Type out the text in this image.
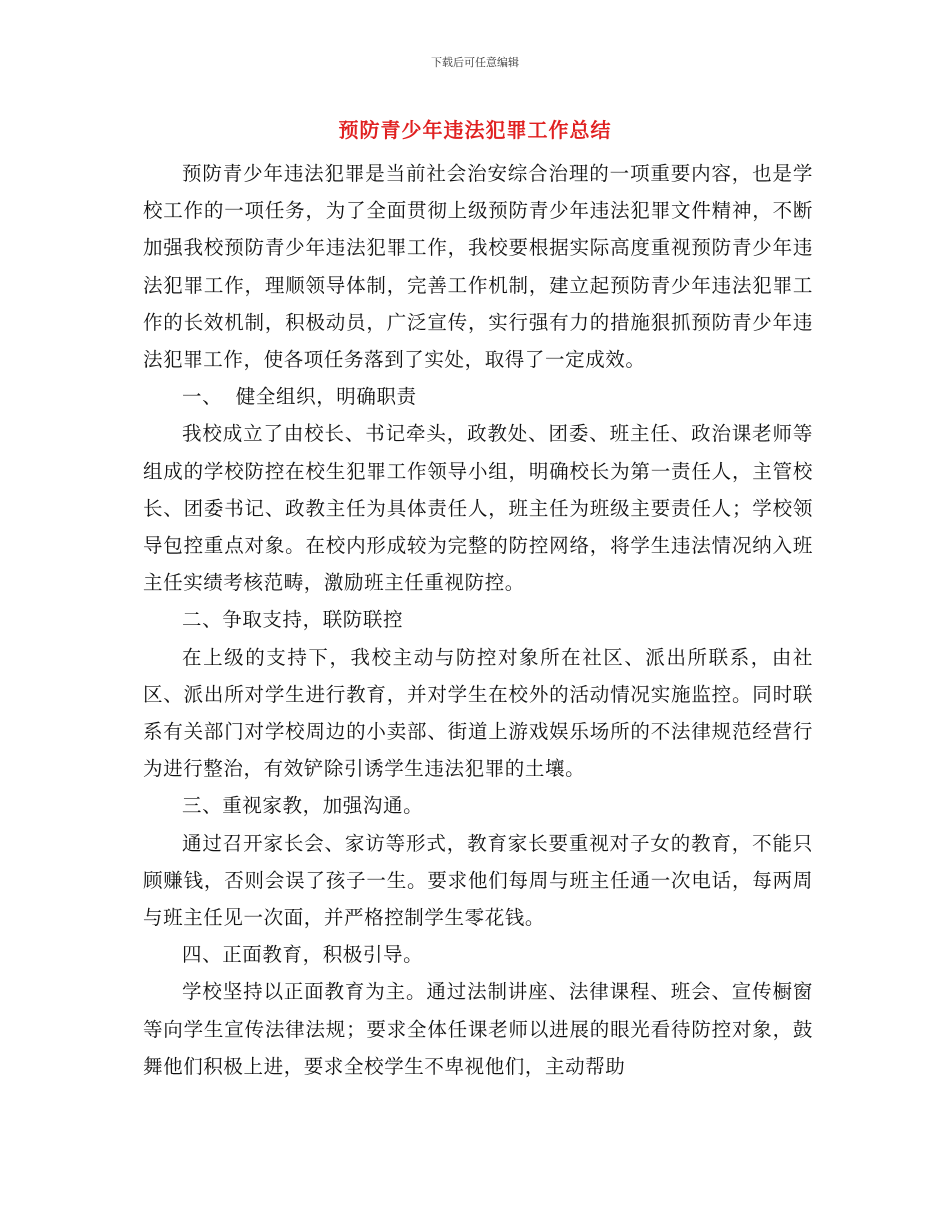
下载后可任意编辑
预防青少年违法犯罪工作总结

预防青少年违法犯罪是当前社会治安综合治理的一项重要内容，也是学校工作的一项任务，为了全面贯彻上级预防青少年违法犯罪文件精神，不断加强我校预防青少年违法犯罪工作，我校要根据实际高度重视预防青少年违法犯罪工作，理顺领导体制，完善工作机制，建立起预防青少年违法犯罪工作的长效机制，积极动员，广泛宣传，实行强有力的措施狠抓预防青少年违法犯罪工作，使各项任务落到了实处，取得了一定成效。

一、  健全组织，明确职责

我校成立了由校长、书记牵头，政教处、团委、班主任、政治课老师等组成的学校防控在校生犯罪工作领导小组，明确校长为第一责任人，主管校长、团委书记、政教主任为具体责任人，班主任为班级主要责任人；学校领导包控重点对象。在校内形成较为完整的防控网络，将学生违法情况纳入班主任实绩考核范畴，激励班主任重视防控。

二、争取支持，联防联控

在上级的支持下，我校主动与防控对象所在社区、派出所联系，由社区、派出所对学生进行教育，并对学生在校外的活动情况实施监控。同时联系有关部门对学校周边的小卖部、街道上游戏娱乐场所的不法律规范经营行为进行整治，有效铲除引诱学生违法犯罪的土壤。

三、重视家教，加强沟通。

通过召开家长会、家访等形式，教育家长要重视对子女的教育，不能只顾赚钱，否则会误了孩子一生。要求他们每周与班主任通一次电话，每两周与班主任见一次面，并严格控制学生零花钱。

四、正面教育，积极引导。

学校坚持以正面教育为主。通过法制讲座、法律课程、班会、宣传橱窗等向学生宣传法律法规；要求全体任课老师以进展的眼光看待防控对象，鼓舞他们积极上进，要求全校学生不卑视他们，主动帮助
